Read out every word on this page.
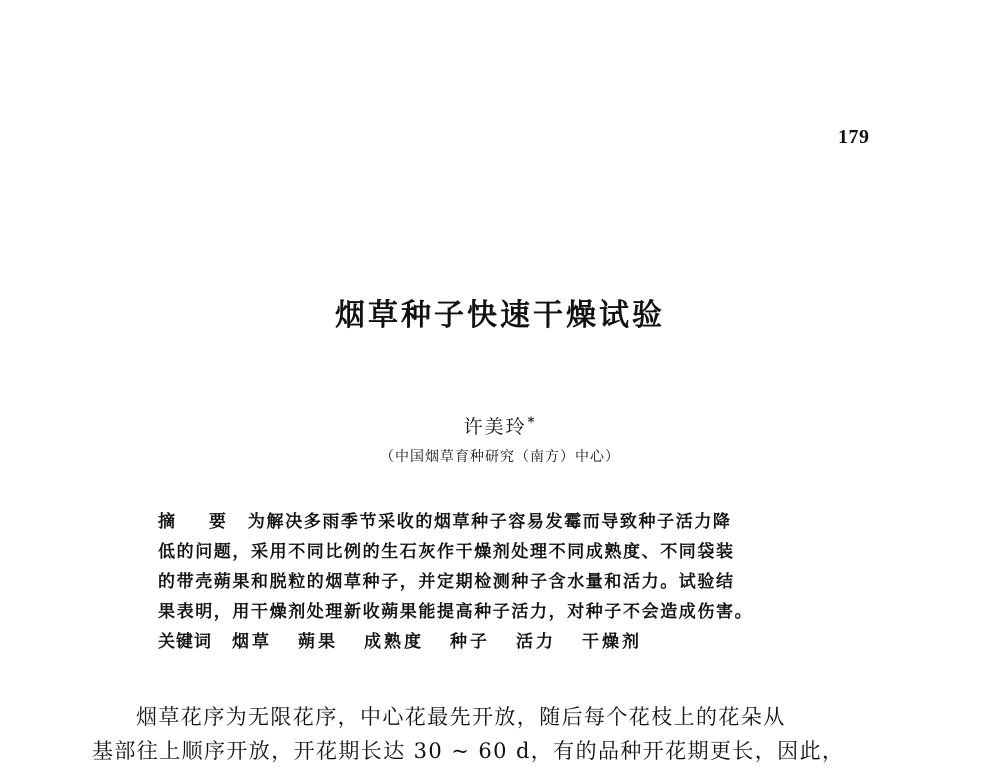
179
烟草种子快速干燥试验
许美玲*
（中国烟草育种研究（南方）中心）
摘 要 为解决多雨季节采收的烟草种子容易发霉而导致种子活力降
低的问题，采用不同比例的生石灰作干燥剂处理不同成熟度、不同袋装
的带壳蒴果和脱粒的烟草种子，并定期检测种子含水量和活力。试验结
果表明，用干燥剂处理新收蒴果能提高种子活力，对种子不会造成伤害。
关键词 烟草 蒴果 成熟度 种子 活力 干燥剂
烟草花序为无限花序，中心花最先开放，随后每个花枝上的花朵从
基部往上顺序开放，开花期长达 30 ~ 60 d，有的品种开花期更长，因此，
